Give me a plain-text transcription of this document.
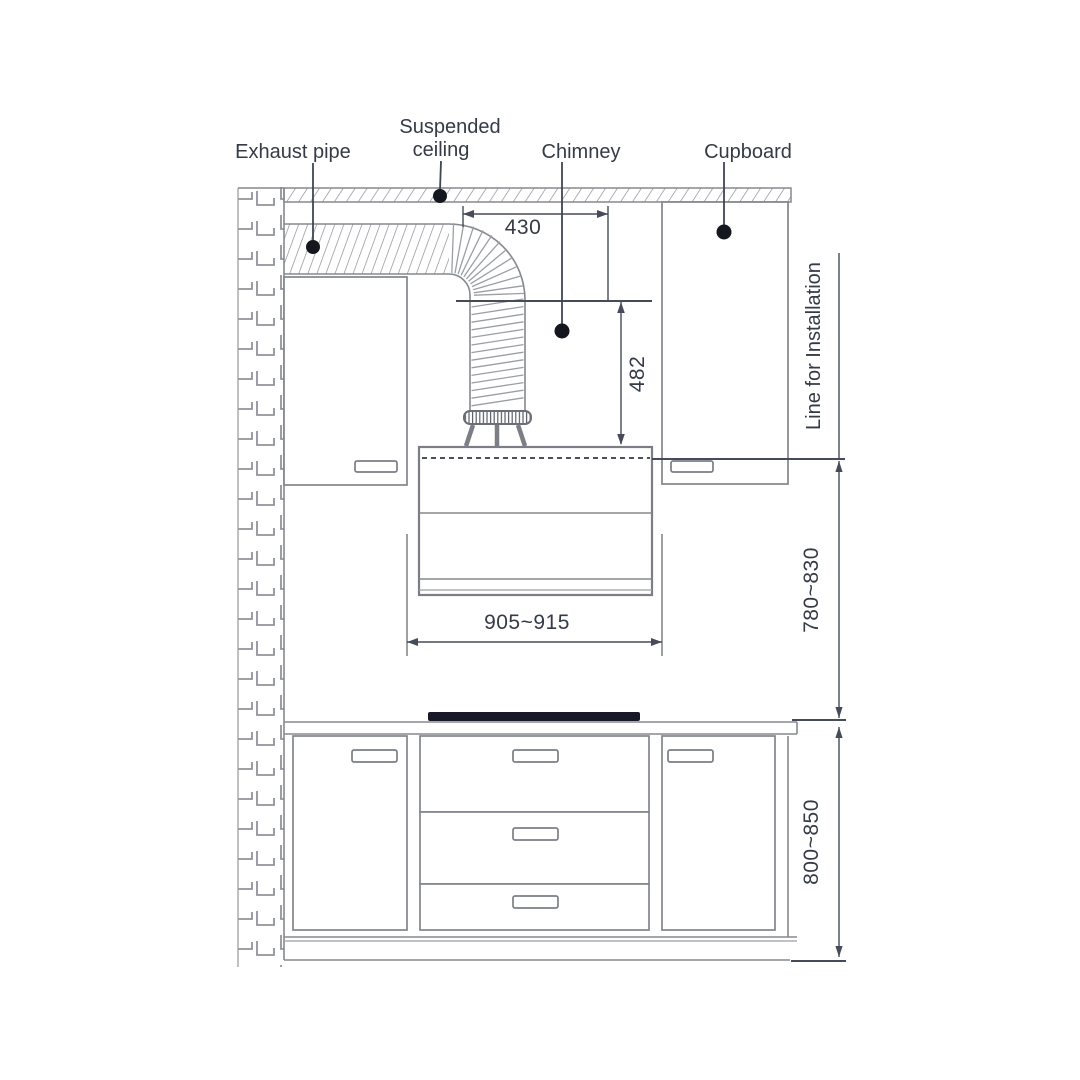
430
482
905~915
Line for Installation
780~830
800~850
Exhaust pipe
Suspended
ceiling	Chimney	Cupboard
